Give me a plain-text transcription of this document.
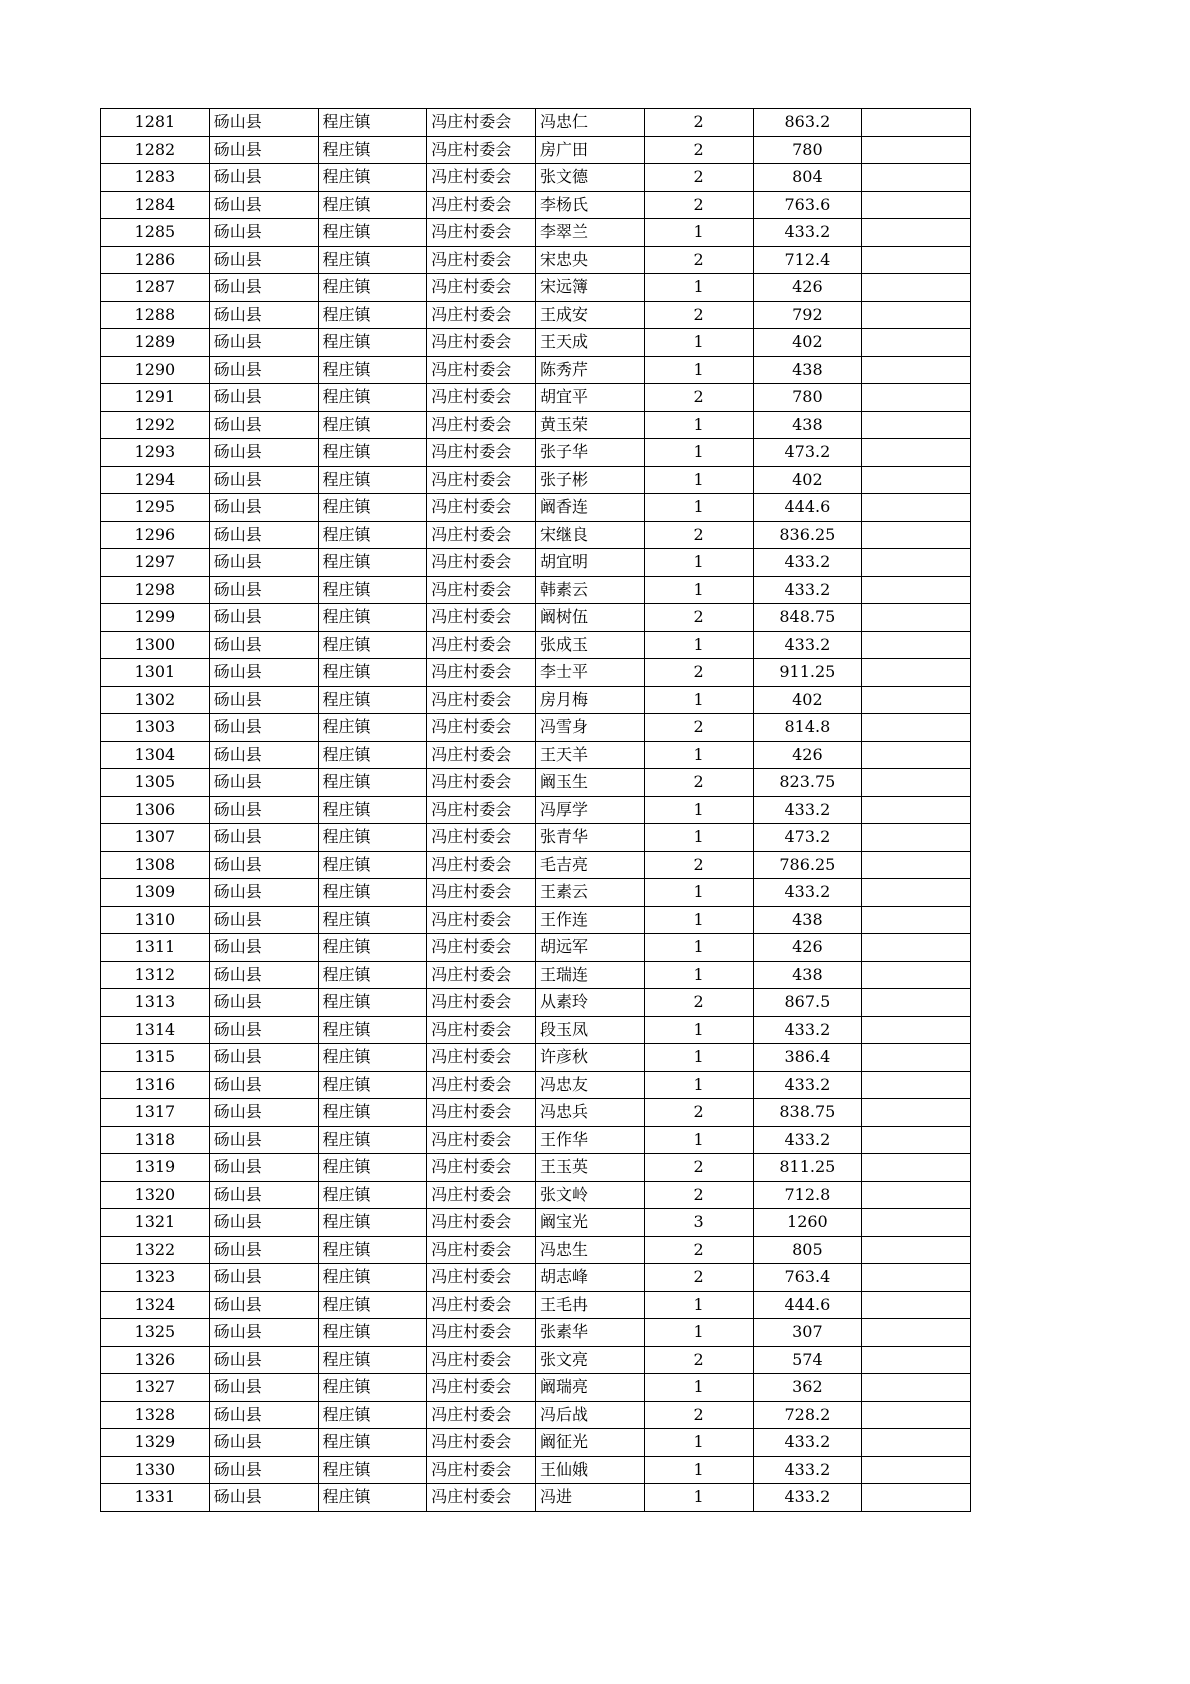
1281	砀山县	程庄镇	冯庄村委会	冯忠仁	2	863.2	
1282	砀山县	程庄镇	冯庄村委会	房广田	2	780	
1283	砀山县	程庄镇	冯庄村委会	张文德	2	804	
1284	砀山县	程庄镇	冯庄村委会	李杨氏	2	763.6	
1285	砀山县	程庄镇	冯庄村委会	李翠兰	1	433.2	
1286	砀山县	程庄镇	冯庄村委会	宋忠央	2	712.4	
1287	砀山县	程庄镇	冯庄村委会	宋远簿	1	426	
1288	砀山县	程庄镇	冯庄村委会	王成安	2	792	
1289	砀山县	程庄镇	冯庄村委会	王天成	1	402	
1290	砀山县	程庄镇	冯庄村委会	陈秀芹	1	438	
1291	砀山县	程庄镇	冯庄村委会	胡宜平	2	780	
1292	砀山县	程庄镇	冯庄村委会	黄玉荣	1	438	
1293	砀山县	程庄镇	冯庄村委会	张子华	1	473.2	
1294	砀山县	程庄镇	冯庄村委会	张子彬	1	402	
1295	砀山县	程庄镇	冯庄村委会	阚香连	1	444.6	
1296	砀山县	程庄镇	冯庄村委会	宋继良	2	836.25	
1297	砀山县	程庄镇	冯庄村委会	胡宜明	1	433.2	
1298	砀山县	程庄镇	冯庄村委会	韩素云	1	433.2	
1299	砀山县	程庄镇	冯庄村委会	阚树伍	2	848.75	
1300	砀山县	程庄镇	冯庄村委会	张成玉	1	433.2	
1301	砀山县	程庄镇	冯庄村委会	李士平	2	911.25	
1302	砀山县	程庄镇	冯庄村委会	房月梅	1	402	
1303	砀山县	程庄镇	冯庄村委会	冯雪身	2	814.8	
1304	砀山县	程庄镇	冯庄村委会	王天羊	1	426	
1305	砀山县	程庄镇	冯庄村委会	阚玉生	2	823.75	
1306	砀山县	程庄镇	冯庄村委会	冯厚学	1	433.2	
1307	砀山县	程庄镇	冯庄村委会	张青华	1	473.2	
1308	砀山县	程庄镇	冯庄村委会	毛吉亮	2	786.25	
1309	砀山县	程庄镇	冯庄村委会	王素云	1	433.2	
1310	砀山县	程庄镇	冯庄村委会	王作连	1	438	
1311	砀山县	程庄镇	冯庄村委会	胡远军	1	426	
1312	砀山县	程庄镇	冯庄村委会	王瑞连	1	438	
1313	砀山县	程庄镇	冯庄村委会	从素玲	2	867.5	
1314	砀山县	程庄镇	冯庄村委会	段玉凤	1	433.2	
1315	砀山县	程庄镇	冯庄村委会	许彦秋	1	386.4	
1316	砀山县	程庄镇	冯庄村委会	冯忠友	1	433.2	
1317	砀山县	程庄镇	冯庄村委会	冯忠兵	2	838.75	
1318	砀山县	程庄镇	冯庄村委会	王作华	1	433.2	
1319	砀山县	程庄镇	冯庄村委会	王玉英	2	811.25	
1320	砀山县	程庄镇	冯庄村委会	张文岭	2	712.8	
1321	砀山县	程庄镇	冯庄村委会	阚宝光	3	1260	
1322	砀山县	程庄镇	冯庄村委会	冯忠生	2	805	
1323	砀山县	程庄镇	冯庄村委会	胡志峰	2	763.4	
1324	砀山县	程庄镇	冯庄村委会	王毛冉	1	444.6	
1325	砀山县	程庄镇	冯庄村委会	张素华	1	307	
1326	砀山县	程庄镇	冯庄村委会	张文亮	2	574	
1327	砀山县	程庄镇	冯庄村委会	阚瑞亮	1	362	
1328	砀山县	程庄镇	冯庄村委会	冯后战	2	728.2	
1329	砀山县	程庄镇	冯庄村委会	阚征光	1	433.2	
1330	砀山县	程庄镇	冯庄村委会	王仙娥	1	433.2	
1331	砀山县	程庄镇	冯庄村委会	冯进	1	433.2	
